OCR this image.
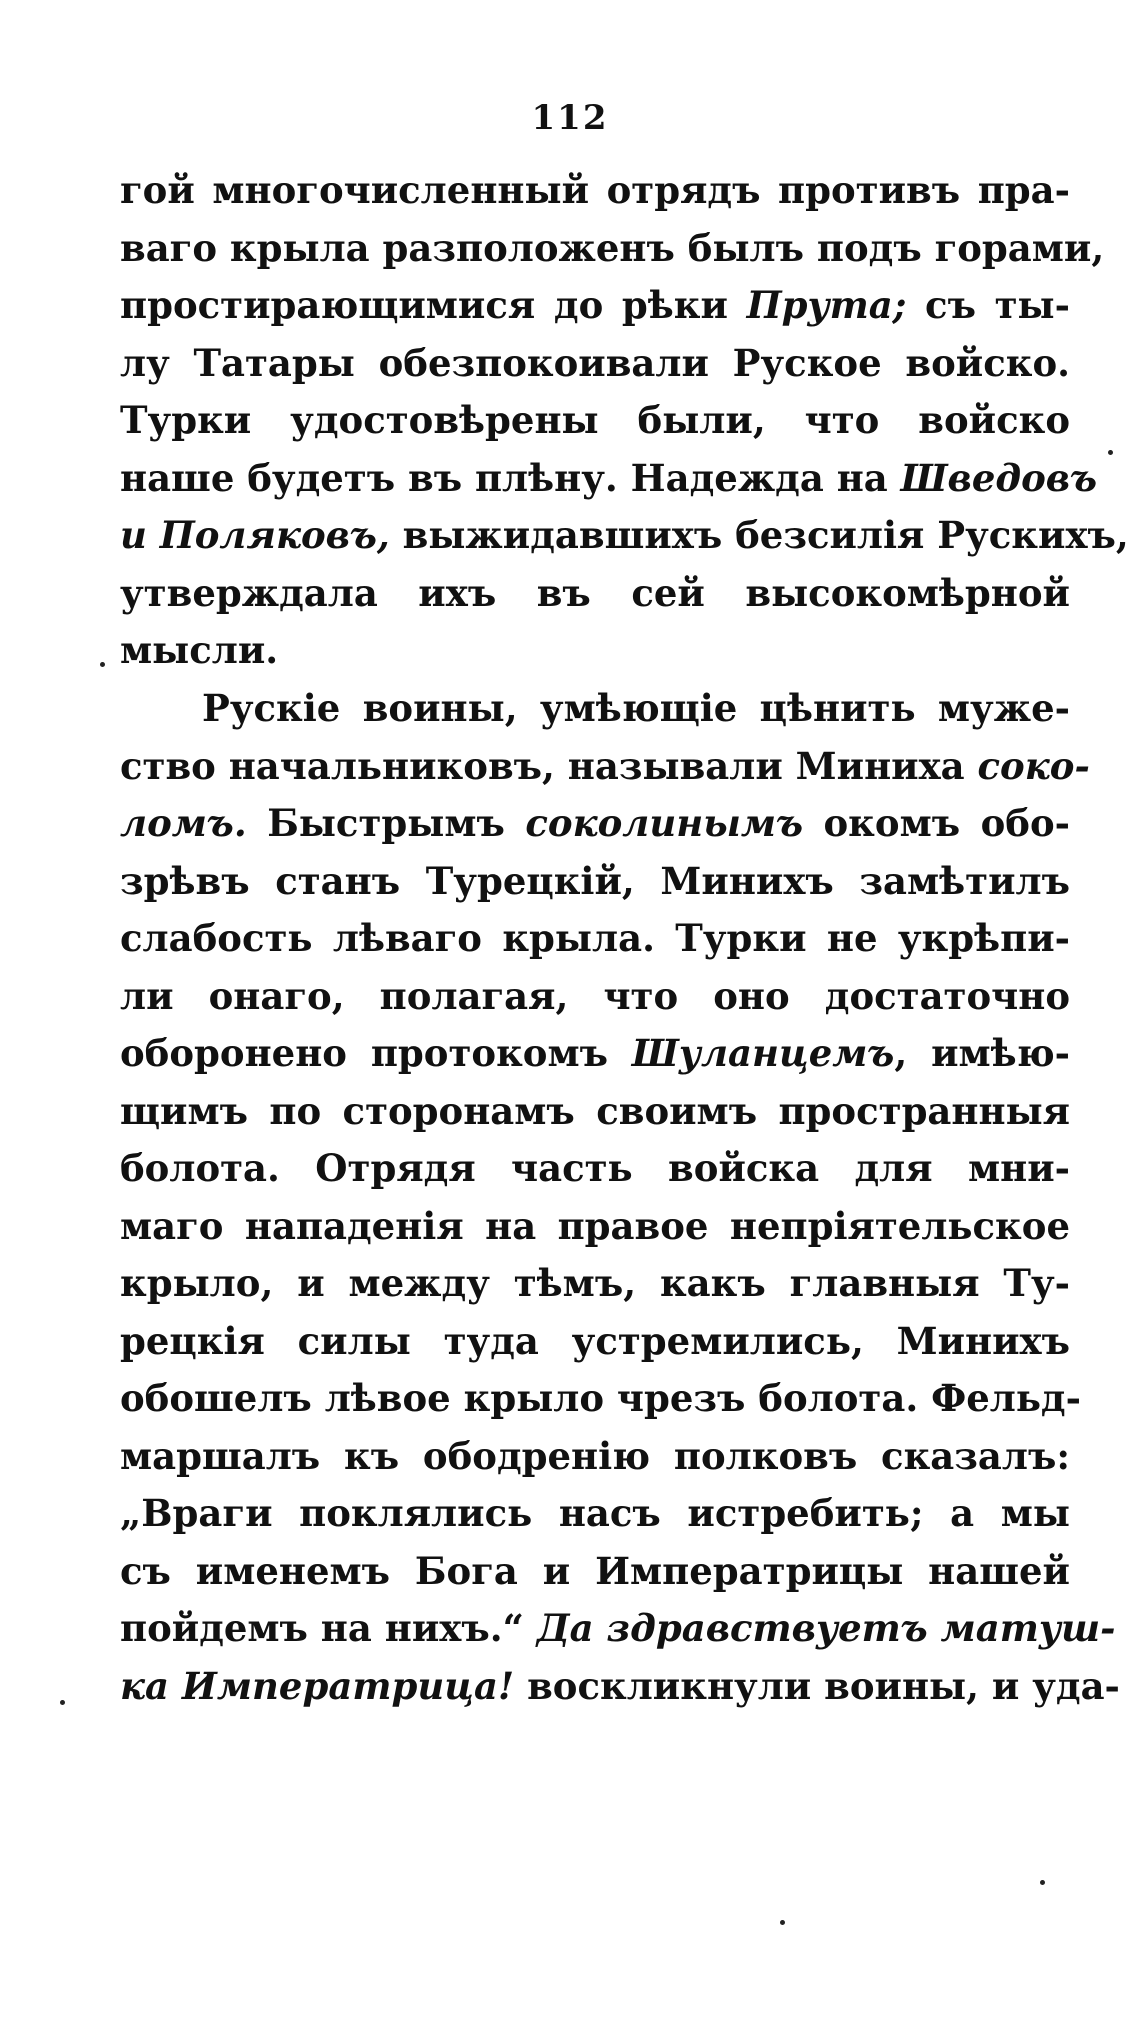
112
гой многочисленный отрядъ противъ пра-
ваго крыла разположенъ былъ подъ горами,
простирающимися до рѣки Прута; съ ты-
лу Татары обезпокоивали Руское войско.
Турки удостовѣрены были, что войско
наше будетъ въ плѣну. Надежда на Шведовъ
и Поляковъ, выжидавшихъ безсилія Рускихъ,
утверждала ихъ въ сей высокомѣрной
мысли.
Рускіе воины, умѣющіе цѣнить муже-
ство начальниковъ, называли Миниха соко-
ломъ. Быстрымъ соколинымъ окомъ обо-
зрѣвъ станъ Турецкій, Минихъ замѣтилъ
слабость лѣваго крыла. Турки не укрѣпи-
ли онаго, полагая, что оно достаточно
оборонено протокомъ Шуланцемъ, имѣю-
щимъ по сторонамъ своимъ пространныя
болота. Отрядя часть войска для мни-
маго нападенія на правое непріятельское
крыло, и между тѣмъ, какъ главныя Ту-
рецкія силы туда устремились, Минихъ
обошелъ лѣвое крыло чрезъ болота. Фельд-
маршалъ къ ободренію полковъ сказалъ:
„Враги поклялись насъ истребить; а мы
съ именемъ Бога и Императрицы нашей
пойдемъ на нихъ.“ Да здравствуетъ матуш-
ка Императрица! воскликнули воины, и уда-
